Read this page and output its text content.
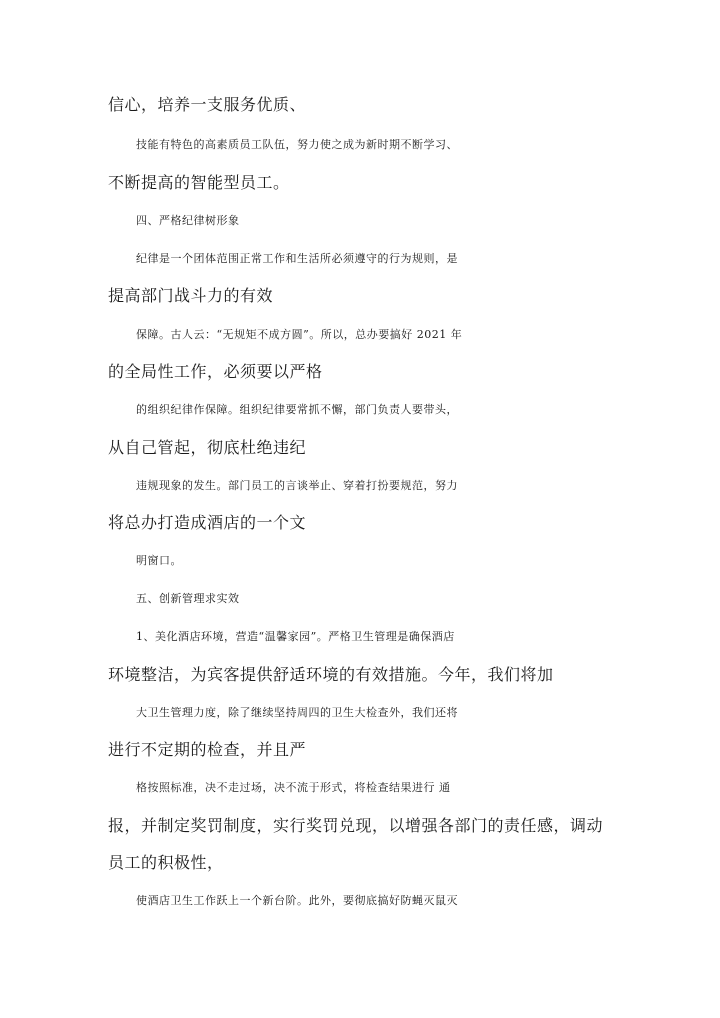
信心，培养一支服务优质、
技能有特色的高素质员工队伍，努力使之成为新时期不断学习、
不断提高的智能型员工。
四、严格纪律树形象
纪律是一个团体范围正常工作和生活所必须遵守的行为规则，是
提高部门战斗力的有效
保障。古人云：“无规矩不成方圆”。所以，总办要搞好 2021 年
的全局性工作，必须要以严格
的组织纪律作保障。组织纪律要常抓不懈，部门负责人要带头，
从自己管起，彻底杜绝违纪
违规现象的发生。部门员工的言谈举止、穿着打扮要规范，努力
将总办打造成酒店的一个文
明窗口。
五、创新管理求实效
1、美化酒店环境，营造“温馨家园”。严格卫生管理是确保酒店
环境整洁，为宾客提供舒适环境的有效措施。今年，我们将加
大卫生管理力度，除了继续坚持周四的卫生大检查外，我们还将
进行不定期的检查，并且严
格按照标准，决不走过场，决不流于形式，将检查结果进行 通
报，并制定奖罚制度，实行奖罚兑现，以增强各部门的责任感，调动
员工的积极性，
使酒店卫生工作跃上一个新台阶。此外，要彻底搞好防蝇灭鼠灭
